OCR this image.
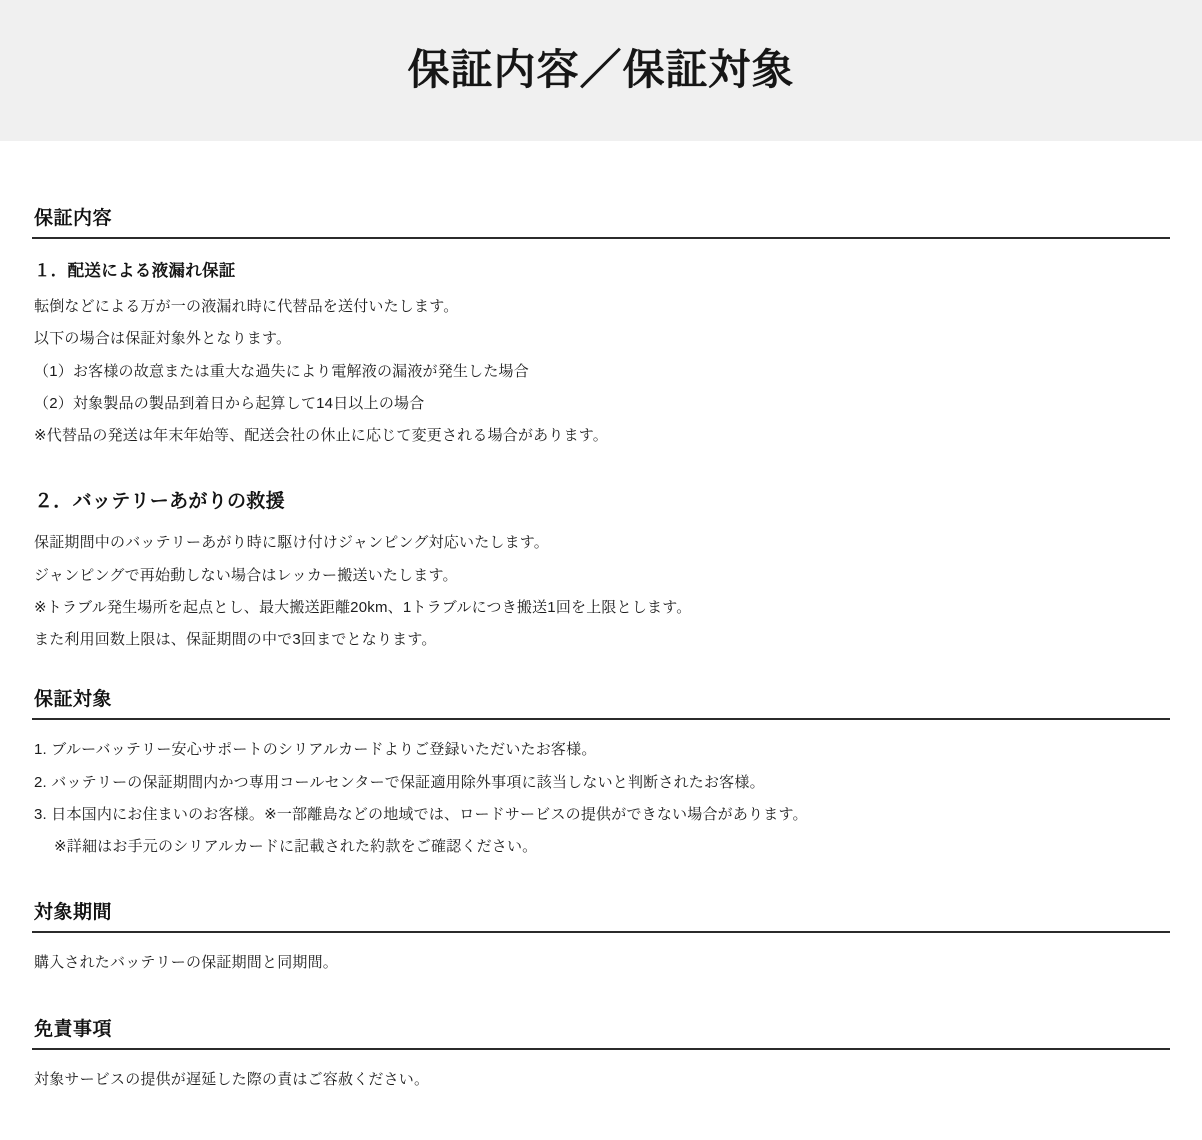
保証内容／保証対象
保証内容
１．配送による液漏れ保証

転倒などによる万が一の液漏れ時に代替品を送付いたします。

以下の場合は保証対象外となります。

（1）お客様の故意または重大な過失により電解液の漏液が発生した場合

（2）対象製品の製品到着日から起算して14日以上の場合

※代替品の発送は年末年始等、配送会社の休止に応じて変更される場合があります。

２．バッテリーあがりの救援

保証期間中のバッテリーあがり時に駆け付けジャンピング対応いたします。

ジャンピングで再始動しない場合はレッカー搬送いたします。

※トラブル発生場所を起点とし、最大搬送距離20km、1トラブルにつき搬送1回を上限とします。

また利用回数上限は、保証期間の中で3回までとなります。

保証対象
1. ブルーバッテリー安心サポートのシリアルカードよりご登録いただいたお客様。
2. バッテリーの保証期間内かつ専用コールセンターで保証適用除外事項に該当しないと判断されたお客様。
3. 日本国内にお住まいのお客様。※一部離島などの地域では、ロードサービスの提供ができない場合があります。

※詳細はお手元のシリアルカードに記載された約款をご確認ください。

対象期間

購入されたバッテリーの保証期間と同期間。

免責事項

対象サービスの提供が遅延した際の責はご容赦ください。
